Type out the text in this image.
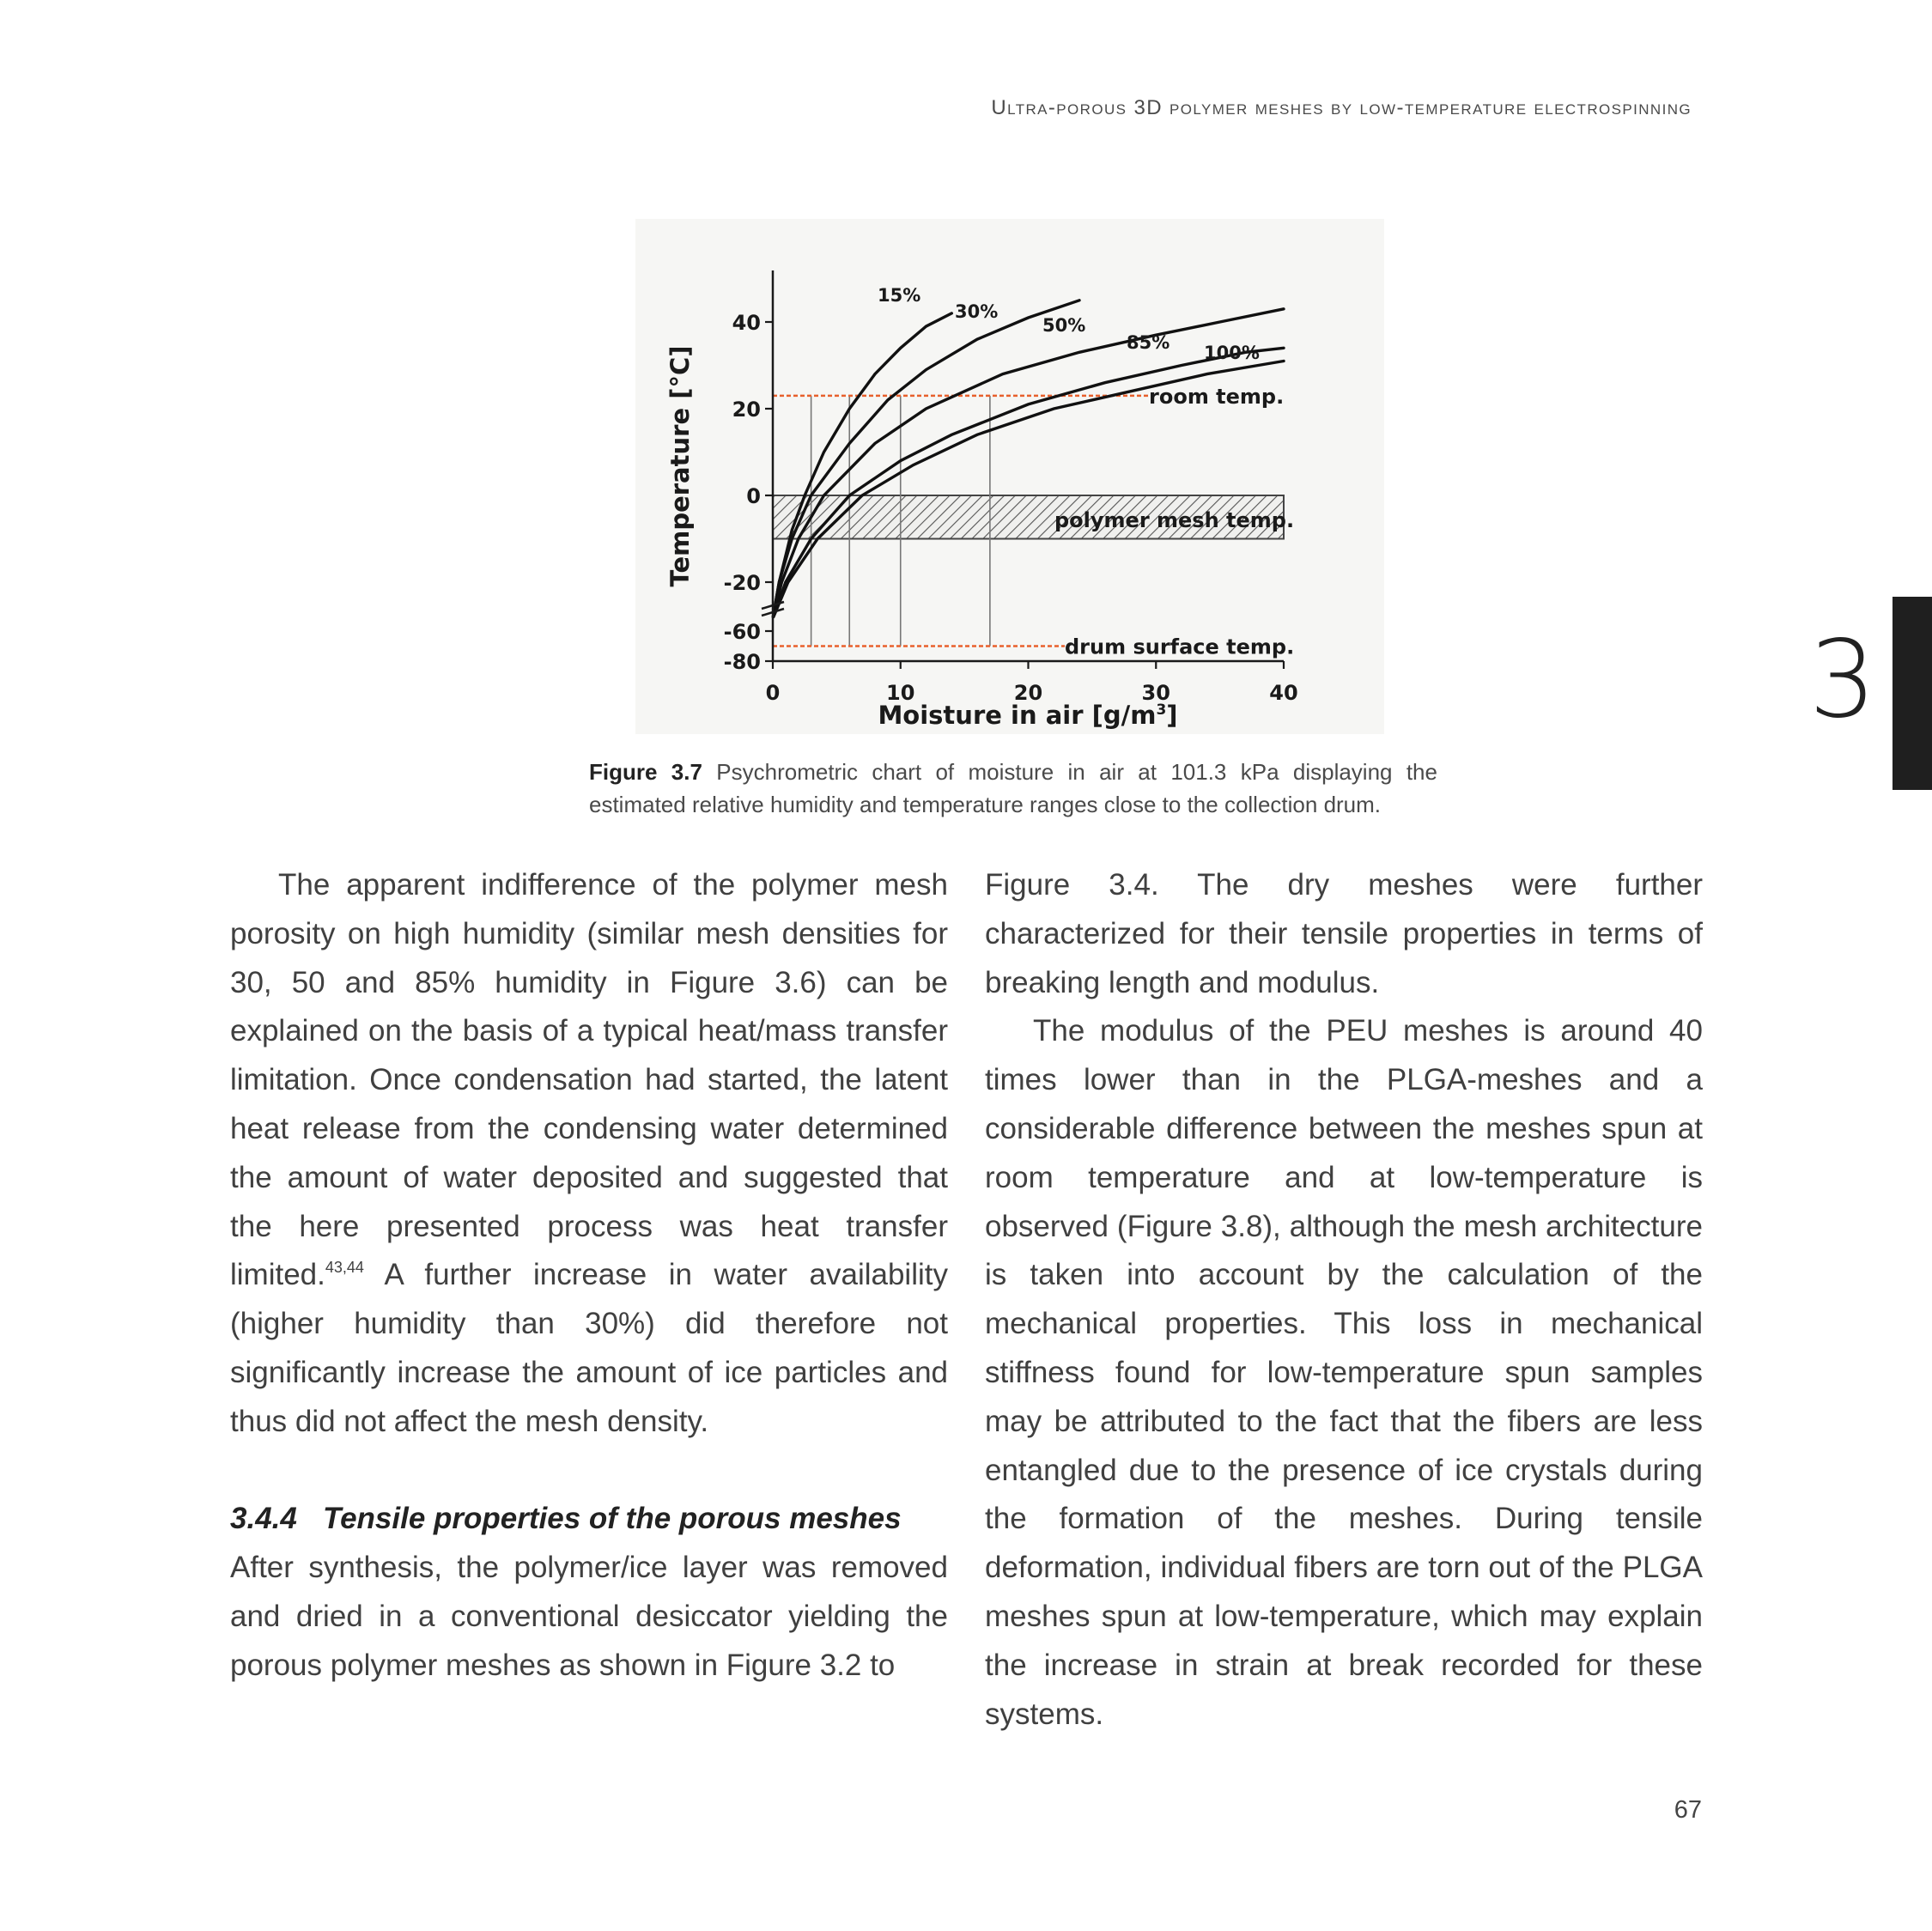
Ultra-porous 3D polymer meshes by low-temperature electrospinning
3
40
20
0
-20
-60
-80
0	10	20	30	40
15%
30%
50%
85% 100%
room temp.
polymer mesh temp.
drum surface temp.
Moisture in air $[g/m^3]$
Temperature [°C]
Figure 3.7 Psychrometric chart of moisture in air at 101.3 kPa displaying the estimated relative humidity and temperature ranges close to the collection drum.

The apparent indifference of the polymer mesh porosity on high humidity (similar mesh densities for 30, 50 and 85% humidity in Figure 3.6) can be explained on the basis of a typical heat/mass transfer limitation. Once condensation had started, the latent heat release from the condensing water determined the amount of water deposited and suggested that the here presented process was heat transfer limited.$^{43,44}$ A further increase in water availability (higher humidity than 30%) did therefore not significantly increase the amount of ice particles and thus did not affect the mesh density.

3.4.4 Tensile properties of the porous meshes

After synthesis, the polymer/ice layer was removed and dried in a conventional desiccator yielding the porous polymer meshes as shown in Figure 3.2 to

Figure 3.4. The dry meshes were further characterized for their tensile properties in terms of breaking length and modulus.

The modulus of the PEU meshes is around 40 times lower than in the PLGA-meshes and a considerable difference between the meshes spun at room temperature and at low-temperature is observed (Figure 3.8), although the mesh architecture is taken into account by the calculation of the mechanical properties. This loss in mechanical stiffness found for low-temperature spun samples may be attributed to the fact that the fibers are less entangled due to the presence of ice crystals during the formation of the meshes. During tensile deformation, individual fibers are torn out of the PLGA meshes spun at low-temperature, which may explain the increase in strain at break recorded for these systems.

67
